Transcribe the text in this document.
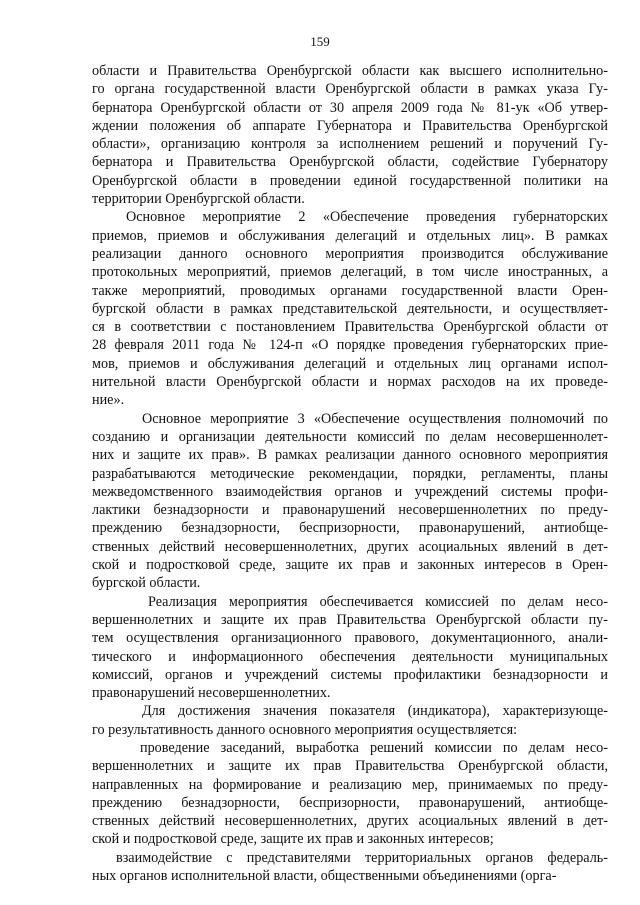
159
области и Правительства Оренбургской области как высшего исполнительно-
го органа государственной власти Оренбургской области в рамках указа Гу-
бернатора Оренбургской области от 30 апреля 2009 года № 81-ук «Об утвер-
ждении положения об аппарате Губернатора и Правительства Оренбургской
области», организацию контроля за исполнением решений и поручений Гу-
бернатора и Правительства Оренбургской области, содействие Губернатору
Оренбургской области в проведении единой государственной политики на
территории Оренбургской области.
Основное мероприятие 2 «Обеспечение проведения губернаторских
приемов, приемов и обслуживания делегаций и отдельных лиц». В рамках
реализации данного основного мероприятия производится обслуживание
протокольных мероприятий, приемов делегаций, в том числе иностранных, а
также мероприятий, проводимых органами государственной власти Орен-
бургской области в рамках представительской деятельности, и осуществляет-
ся в соответствии с постановлением Правительства Оренбургской области от
28 февраля 2011 года № 124-п «О порядке проведения губернаторских прие-
мов, приемов и обслуживания делегаций и отдельных лиц органами испол-
нительной власти Оренбургской области и нормах расходов на их проведе-
ние».
Основное мероприятие 3 «Обеспечение осуществления полномочий по
созданию и организации деятельности комиссий по делам несовершеннолет-
них и защите их прав». В рамках реализации данного основного мероприятия
разрабатываются методические рекомендации, порядки, регламенты, планы
межведомственного взаимодействия органов и учреждений системы профи-
лактики безнадзорности и правонарушений несовершеннолетних по преду-
преждению безнадзорности, беспризорности, правонарушений, антиобще-
ственных действий несовершеннолетних, других асоциальных явлений в дет-
ской и подростковой среде, защите их прав и законных интересов в Орен-
бургской области.
Реализация мероприятия обеспечивается комиссией по делам несо-
вершеннолетних и защите их прав Правительства Оренбургской области пу-
тем осуществления организационного правового, документационного, анали-
тического и информационного обеспечения деятельности муниципальных
комиссий, органов и учреждений системы профилактики безнадзорности и
правонарушений несовершеннолетних.
Для достижения значения показателя (индикатора), характеризующе-
го результативность данного основного мероприятия осуществляется:
проведение заседаний, выработка решений комиссии по делам несо-
вершеннолетних и защите их прав Правительства Оренбургской области,
направленных на формирование и реализацию мер, принимаемых по преду-
преждению безнадзорности, беспризорности, правонарушений, антиобще-
ственных действий несовершеннолетних, других асоциальных явлений в дет-
ской и подростковой среде, защите их прав и законных интересов;
взаимодействие с представителями территориальных органов федераль-
ных органов исполнительной власти, общественными объединениями (орга-
